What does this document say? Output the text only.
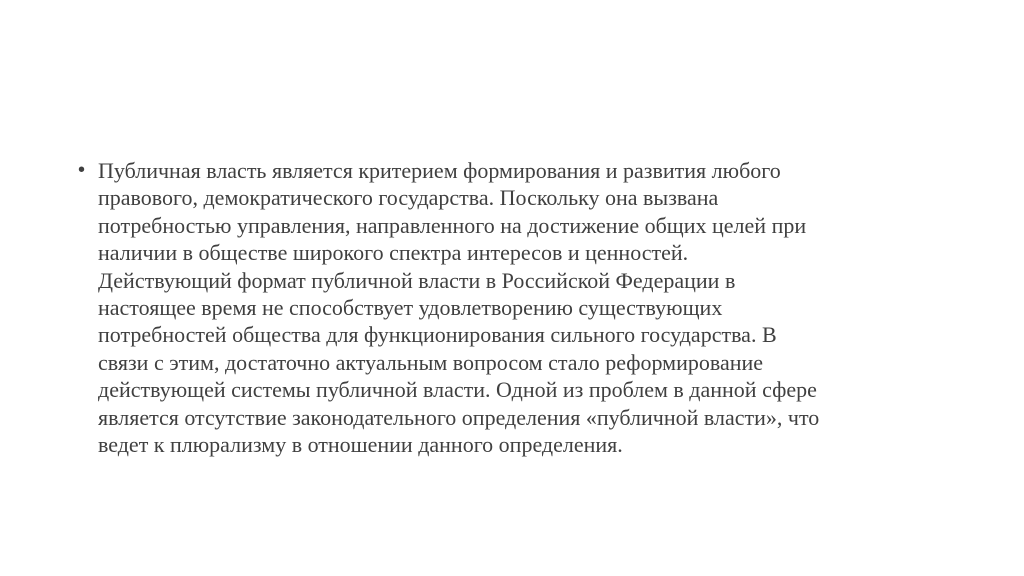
• Публичная власть является критерием формирования и развития любого
правового, демократического государства. Поскольку она вызвана
потребностью управления, направленного на достижение общих целей при
наличии в обществе широкого спектра интересов и ценностей.
Действующий формат публичной власти в Российской Федерации в
настоящее время не способствует удовлетворению существующих
потребностей общества для функционирования сильного государства. В
связи с этим, достаточно актуальным вопросом стало реформирование
действующей системы публичной власти. Одной из проблем в данной сфере
является отсутствие законодательного определения «публичной власти», что
ведет к плюрализму в отношении данного определения.
